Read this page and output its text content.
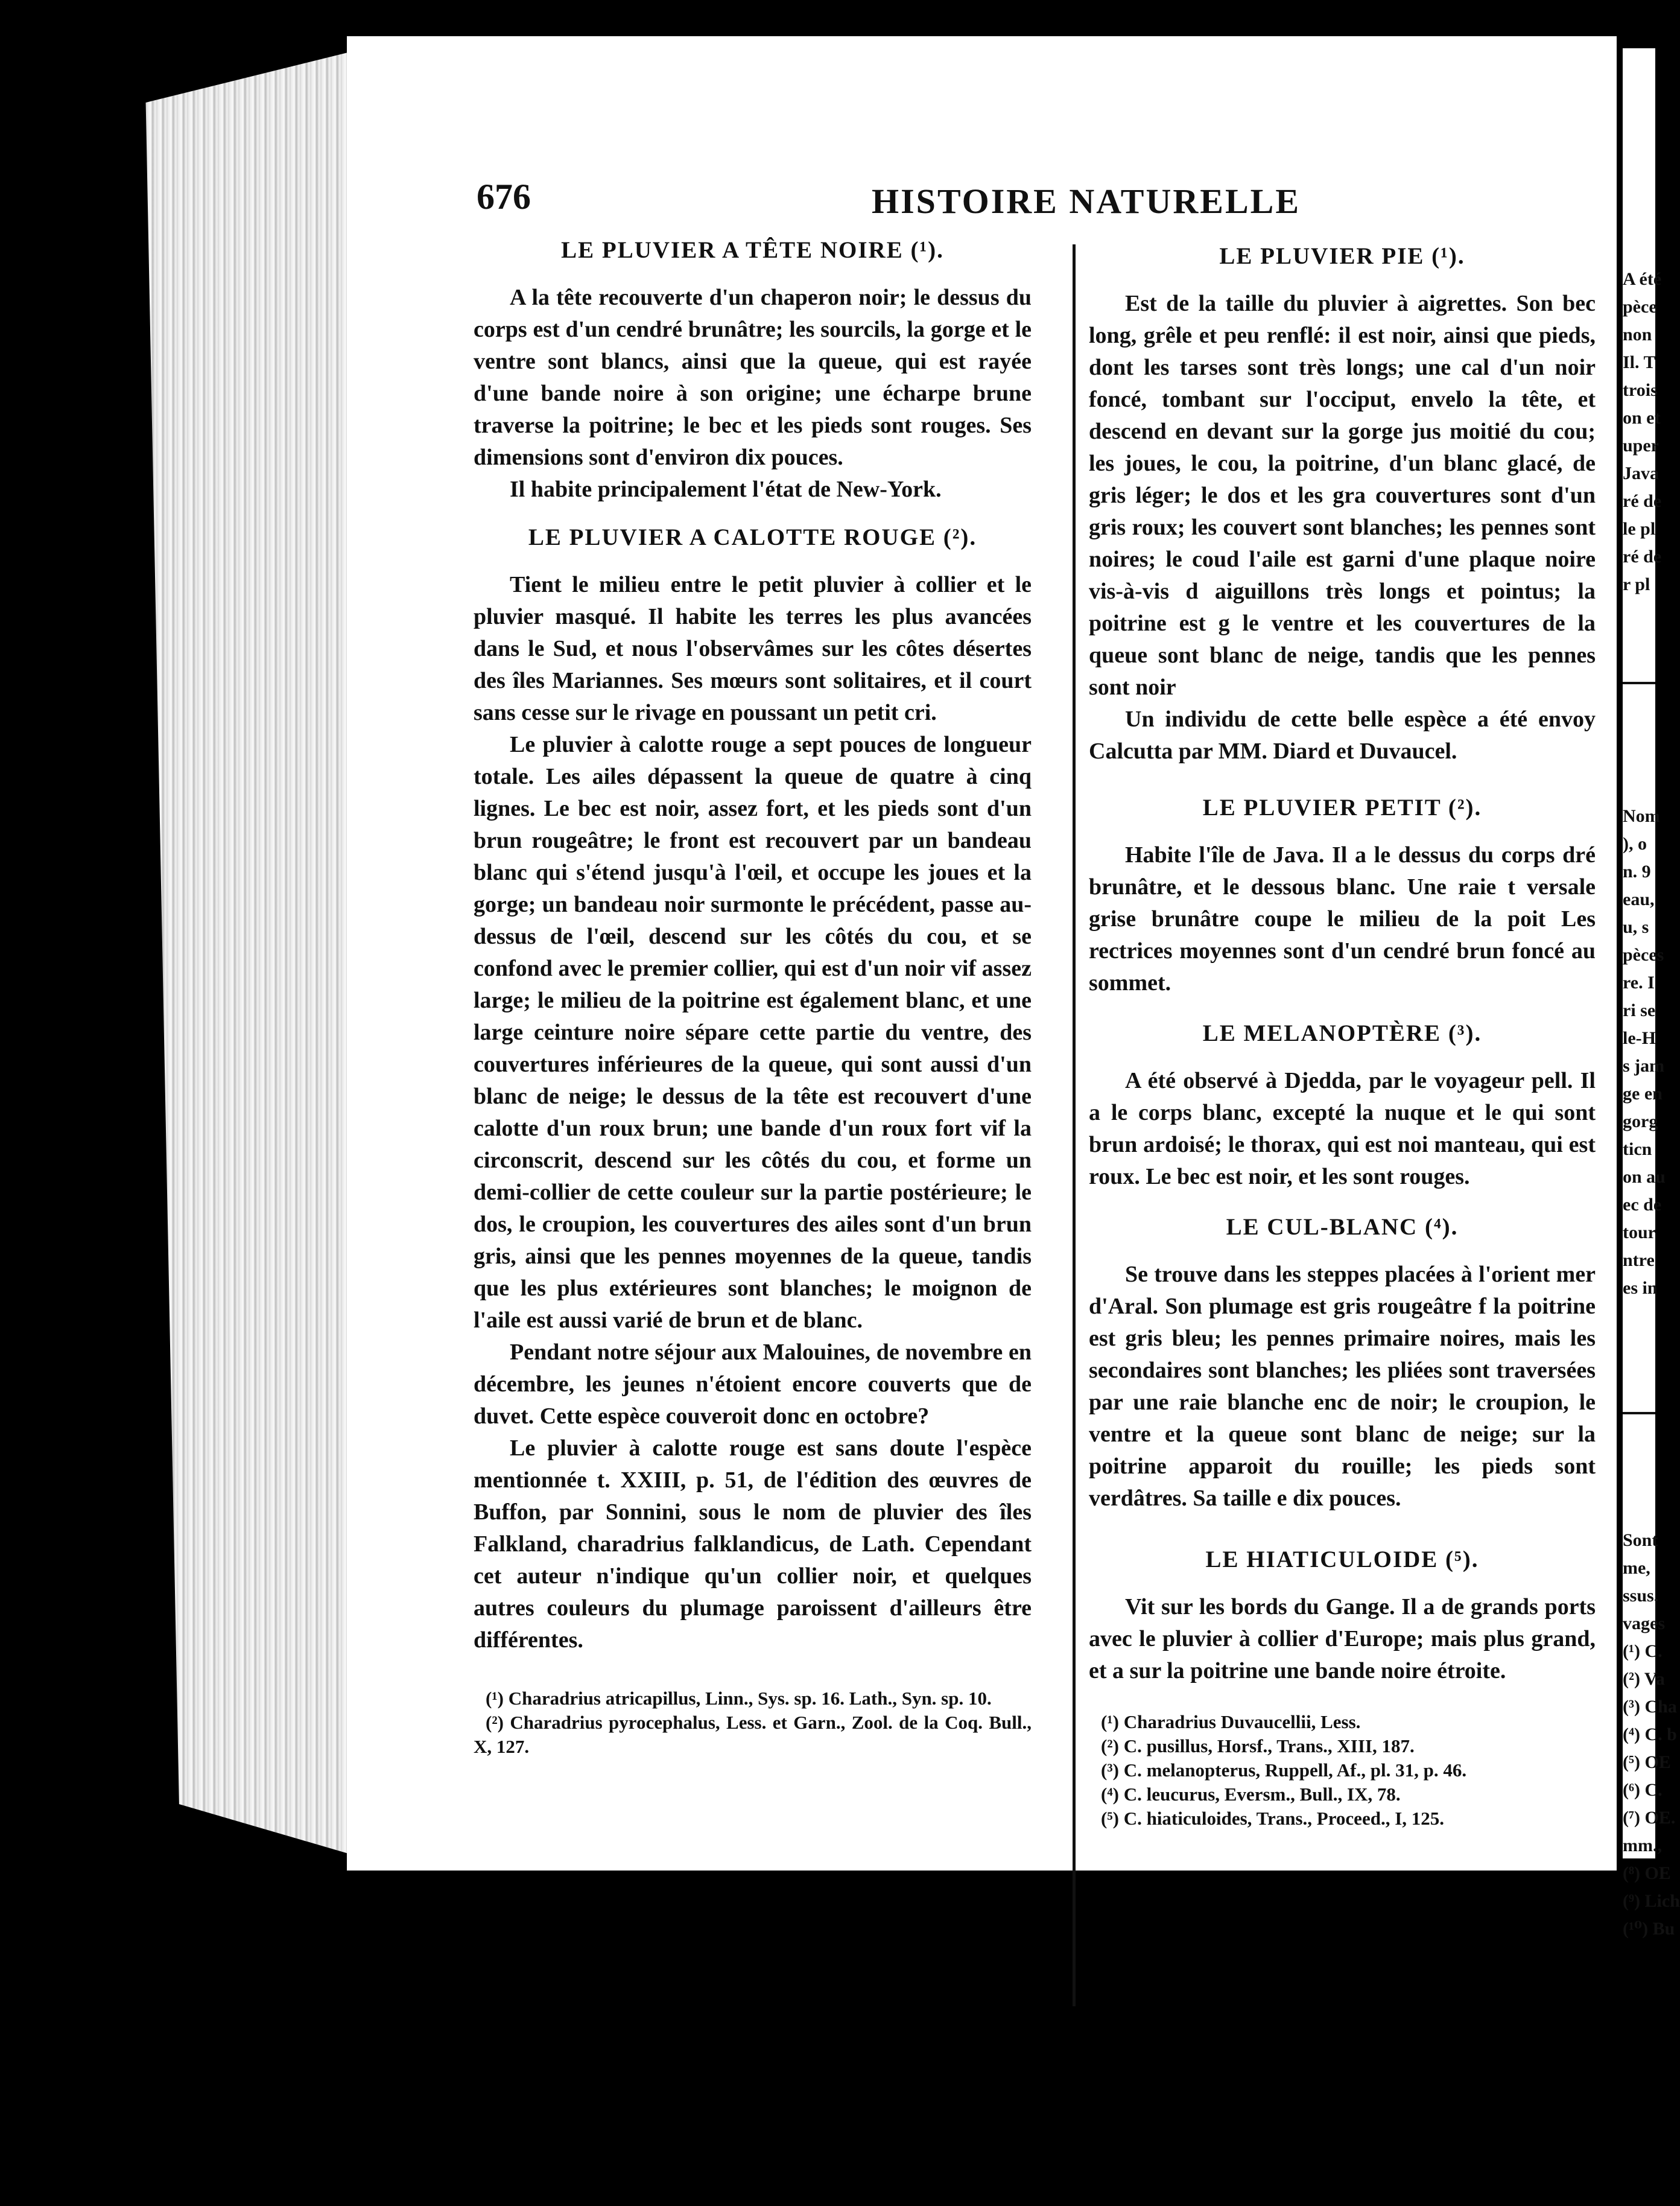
676	HISTOIRE NATURELLE
LE PLUVIER A TÊTE NOIRE (¹).

A la tête recouverte d'un chaperon noir; le dessus du corps est d'un cendré brunâtre; les sourcils, la gorge et le ventre sont blancs, ainsi que la queue, qui est rayée d'une bande noire à son origine; une écharpe brune traverse la poitrine; le bec et les pieds sont rouges. Ses dimensions sont d'environ dix pouces.

Il habite principalement l'état de New-York.

LE PLUVIER A CALOTTE ROUGE (²).

Tient le milieu entre le petit pluvier à collier et le pluvier masqué. Il habite les terres les plus avancées dans le Sud, et nous l'observâmes sur les côtes désertes des îles Mariannes. Ses mœurs sont solitaires, et il court sans cesse sur le rivage en poussant un petit cri.

Le pluvier à calotte rouge a sept pouces de longueur totale. Les ailes dépassent la queue de quatre à cinq lignes. Le bec est noir, assez fort, et les pieds sont d'un brun rougeâtre; le front est recouvert par un bandeau blanc qui s'étend jusqu'à l'œil, et occupe les joues et la gorge; un bandeau noir surmonte le précédent, passe au-dessus de l'œil, descend sur les côtés du cou, et se confond avec le premier collier, qui est d'un noir vif assez large; le milieu de la poitrine est également blanc, et une large ceinture noire sépare cette partie du ventre, des couvertures inférieures de la queue, qui sont aussi d'un blanc de neige; le dessus de la tête est recouvert d'une calotte d'un roux brun; une bande d'un roux fort vif la circonscrit, descend sur les côtés du cou, et forme un demi-collier de cette couleur sur la partie postérieure; le dos, le croupion, les couvertures des ailes sont d'un brun gris, ainsi que les pennes moyennes de la queue, tandis que les plus extérieures sont blanches; le moignon de l'aile est aussi varié de brun et de blanc.

Pendant notre séjour aux Malouines, de novembre en décembre, les jeunes n'étoient encore couverts que de duvet. Cette espèce couveroit donc en octobre?

Le pluvier à calotte rouge est sans doute l'espèce mentionnée t. XXIII, p. 51, de l'édition des œuvres de Buffon, par Sonnini, sous le nom de pluvier des îles Falkland, charadrius falklandicus, de Lath. Cependant cet auteur n'indique qu'un collier noir, et quelques autres couleurs du plumage paroissent d'ailleurs être différentes.

(¹) Charadrius atricapillus, Linn., Sys. sp. 16. Lath., Syn. sp. 10.

(²) Charadrius pyrocephalus, Less. et Garn., Zool. de la Coq. Bull., X, 127.

LE PLUVIER PIE (¹).

Est de la taille du pluvier à aigrettes. Son bec long, grêle et peu renflé: il est noir, ainsi que pieds, dont les tarses sont très longs; une cal d'un noir foncé, tombant sur l'occiput, envelo la tête, et descend en devant sur la gorge jus moitié du cou; les joues, le cou, la poitrine, d'un blanc glacé, de gris léger; le dos et les gra couvertures sont d'un gris roux; les couvert sont blanches; les pennes sont noires; le coud l'aile est garni d'une plaque noire vis-à-vis d aiguillons très longs et pointus; la poitrine est g le ventre et les couvertures de la queue sont blanc de neige, tandis que les pennes sont noir

Un individu de cette belle espèce a été envoy Calcutta par MM. Diard et Duvaucel.

LE PLUVIER PETIT (²).

Habite l'île de Java. Il a le dessus du corps dré brunâtre, et le dessous blanc. Une raie t versale grise brunâtre coupe le milieu de la poit Les rectrices moyennes sont d'un cendré brun foncé au sommet.

LE MELANOPTÈRE (³).

A été observé à Djedda, par le voyageur pell. Il a le corps blanc, excepté la nuque et le qui sont brun ardoisé; le thorax, qui est noi manteau, qui est roux. Le bec est noir, et les sont rouges.

LE CUL-BLANC (⁴).

Se trouve dans les steppes placées à l'orient mer d'Aral. Son plumage est gris rougeâtre f la poitrine est gris bleu; les pennes primaire noires, mais les secondaires sont blanches; les pliées sont traversées par une raie blanche enc de noir; le croupion, le ventre et la queue sont blanc de neige; sur la poitrine apparoit du rouille; les pieds sont verdâtres. Sa taille e dix pouces.

LE HIATICULOIDE (⁵).

Vit sur les bords du Gange. Il a de grands ports avec le pluvier à collier d'Europe; mais plus grand, et a sur la poitrine une bande noire étroite.

(¹) Charadrius Duvaucellii, Less.

(²) C. pusillus, Horsf., Trans., XIII, 187.

(³) C. melanopterus, Ruppell, Af., pl. 31, p. 46.

(⁴) C. leucurus, Eversm., Bull., IX, 78.

(⁵) C. hiaticuloides, Trans., Proceed., I, 125.

A été
pèce
non
Il. T
trois
on et
uper
Java
ré de
le pl
ré de
r pl
Nom
), o
n. 9
eau,
u, s
pèces
re. I
ri se
le-H
s jam
ge en
gorg
ticn
on au
ec de
tour
ntre
es in
Sont
me,
ssus.
vages
(¹) C.
(²) Va
(³) Cha
(⁴) C. b
(⁵) OE
(⁶) C.
(⁷) OE.
mm.,
(⁸) OE
(⁹) Lich
(¹⁰) Bu
